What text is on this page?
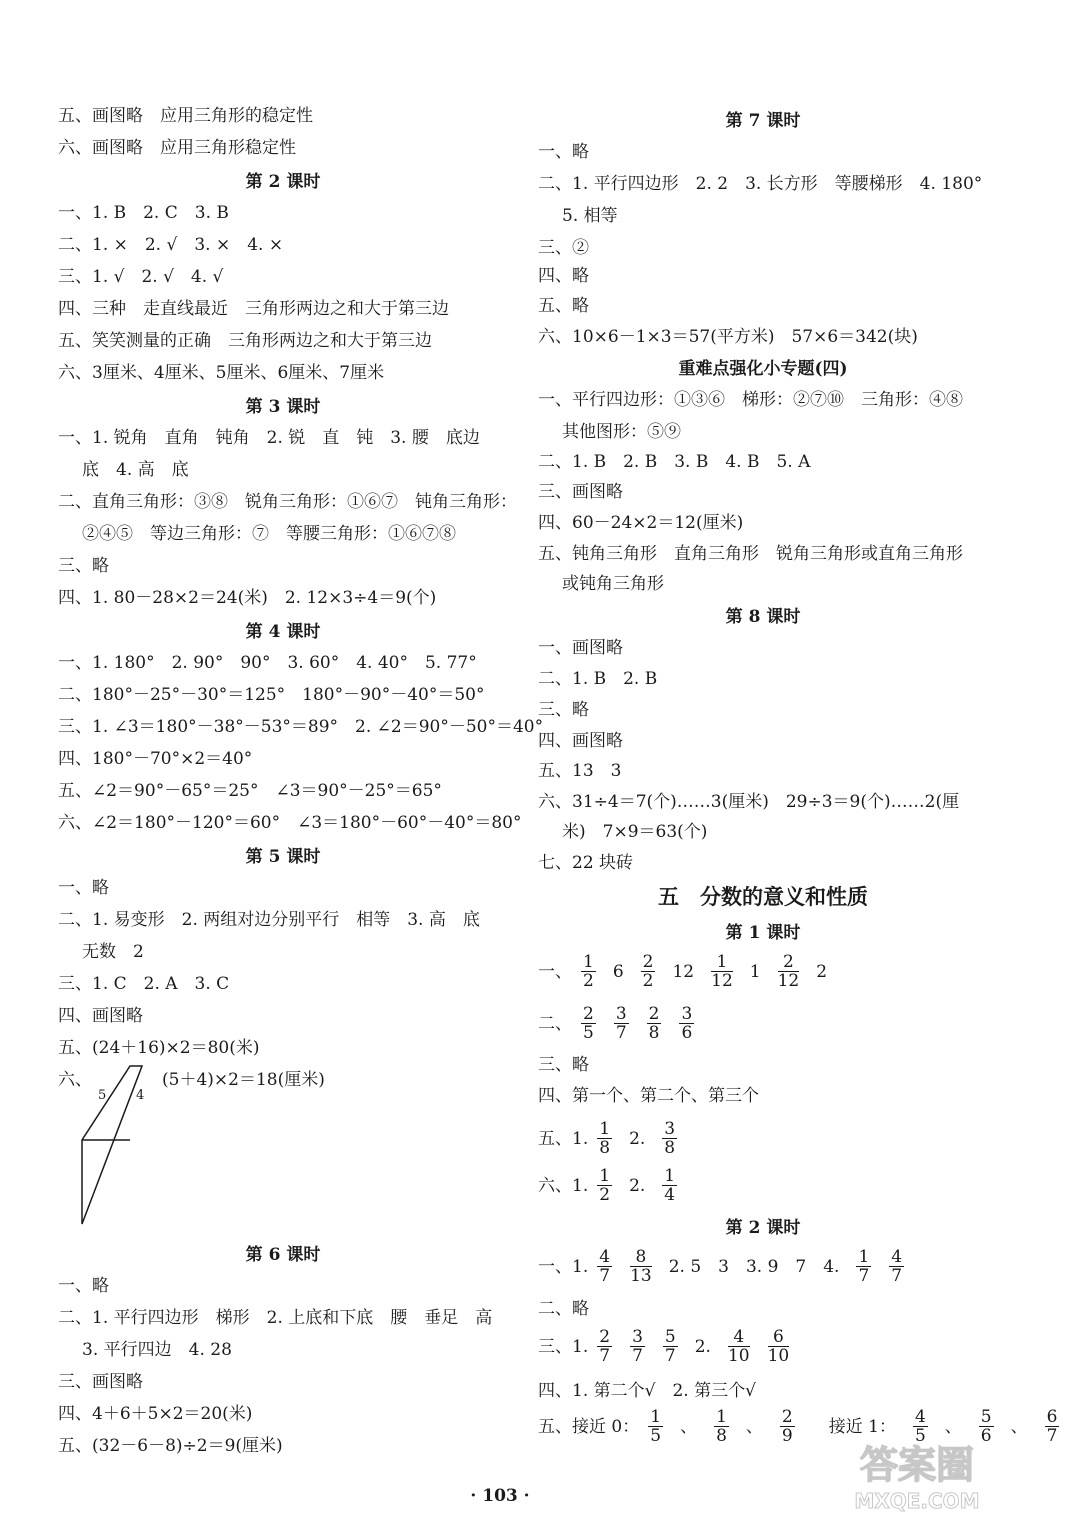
第 2 课时
第 3 课时
第 4 课时
第 5 课时
第 6 课时
五、画图略　应用三角形的稳定性
六、画图略　应用三角形稳定性
一、1. B　2. C　3. B
二、1. ×　2. √　3. ×　4. ×
三、1. √　2. √　4. √
四、三种　走直线最近　三角形两边之和大于第三边
五、笑笑测量的正确　三角形两边之和大于第三边
六、3厘米、4厘米、5厘米、6厘米、7厘米
一、1. 锐角　直角　钝角　2. 锐　直　钝　3. 腰　底边
底　4. 高　底
二、直角三角形：③⑧　锐角三角形：①⑥⑦　钝角三角形：
②④⑤　等边三角形：⑦　等腰三角形：①⑥⑦⑧
三、略
四、1. 80－28×2＝24(米)　2. 12×3÷4＝9(个)
一、1. 180°　2. 90°　90°　3. 60°　4. 40°　5. 77°
二、180°－25°－30°＝125°　180°－90°－40°＝50°
三、1. ∠3＝180°－38°－53°＝89°　2. ∠2＝90°－50°＝40°
四、180°－70°×2＝40°
五、∠2＝90°－65°＝25°　∠3＝90°－25°＝65°
六、∠2＝180°－120°＝60°　∠3＝180°－60°－40°＝80°
一、略
二、1. 易变形　2. 两组对边分别平行　相等　3. 高　底
无数　2
三、1. C　2. A　3. C
四、画图略
五、(24＋16)×2＝80(米)
六、	(5＋4)×2＝18(厘米)
一、略
二、1. 平行四边形　梯形　2. 上底和下底　腰　垂足　高
3. 平行四边　4. 28
三、画图略
四、4＋6＋5×2＝20(米)
五、(32－6－8)÷2＝9(厘米)
第 7 课时
重难点强化小专题(四)
第 8 课时
五　分数的意义和性质
第 1 课时
第 2 课时
一、略
二、1. 平行四边形　2. 2　3. 长方形　等腰梯形　4. 180°
5. 相等
三、②
四、略
五、略
六、10×6－1×3＝57(平方米)　57×6＝342(块)
一、平行四边形：①③⑥　梯形：②⑦⑩　三角形：④⑧
其他图形：⑤⑨
二、1. B　2. B　3. B　4. B　5. A
三、画图略
四、60－24×2＝12(厘米)
五、钝角三角形　直角三角形　锐角三角形或直角三角形
或钝角三角形
一、画图略
二、1. B　2. B
三、略
四、画图略
五、13　3
六、31÷4＝7(个)……3(厘米)　29÷3＝9(个)……2(厘
米)　7×9＝63(个)
七、22 块砖
三、略
四、第一个、第二个、第三个
二、略
一、 $\frac{1}{2} 6 \frac{2}{2} 12 \frac{1}{12} 1 \frac{2}{12} 2$
二、 $\frac{2}{5} \frac{3}{7} \frac{2}{8} \frac{3}{6}$
五、1. $\frac{1}{8} 2$. $\frac{3}{8}$
六、1. $\frac{1}{2} 2$. $\frac{1}{4}$
一、1. $\frac{4}{7} \frac{8}{13} 2$. 5　3　3. 9　7　4. $\frac{1}{7} \frac{4}{7}$
三、1. $\frac{2}{7} \frac{3}{7} \frac{5}{7} 2$. $\frac{4}{10} \frac{6}{10}$
四、1. 第二个√　2. 第三个√
五、接近 0： $\frac{1}{5}$ 、 $\frac{1}{8}$ 、 $\frac{2}{9}$ 　接近 1： $\frac{4}{5}$ 、 $\frac{5}{6}$ 、 $\frac{6}{7}$
5 4
· 103 ·
答案圈
MXQE.COM
